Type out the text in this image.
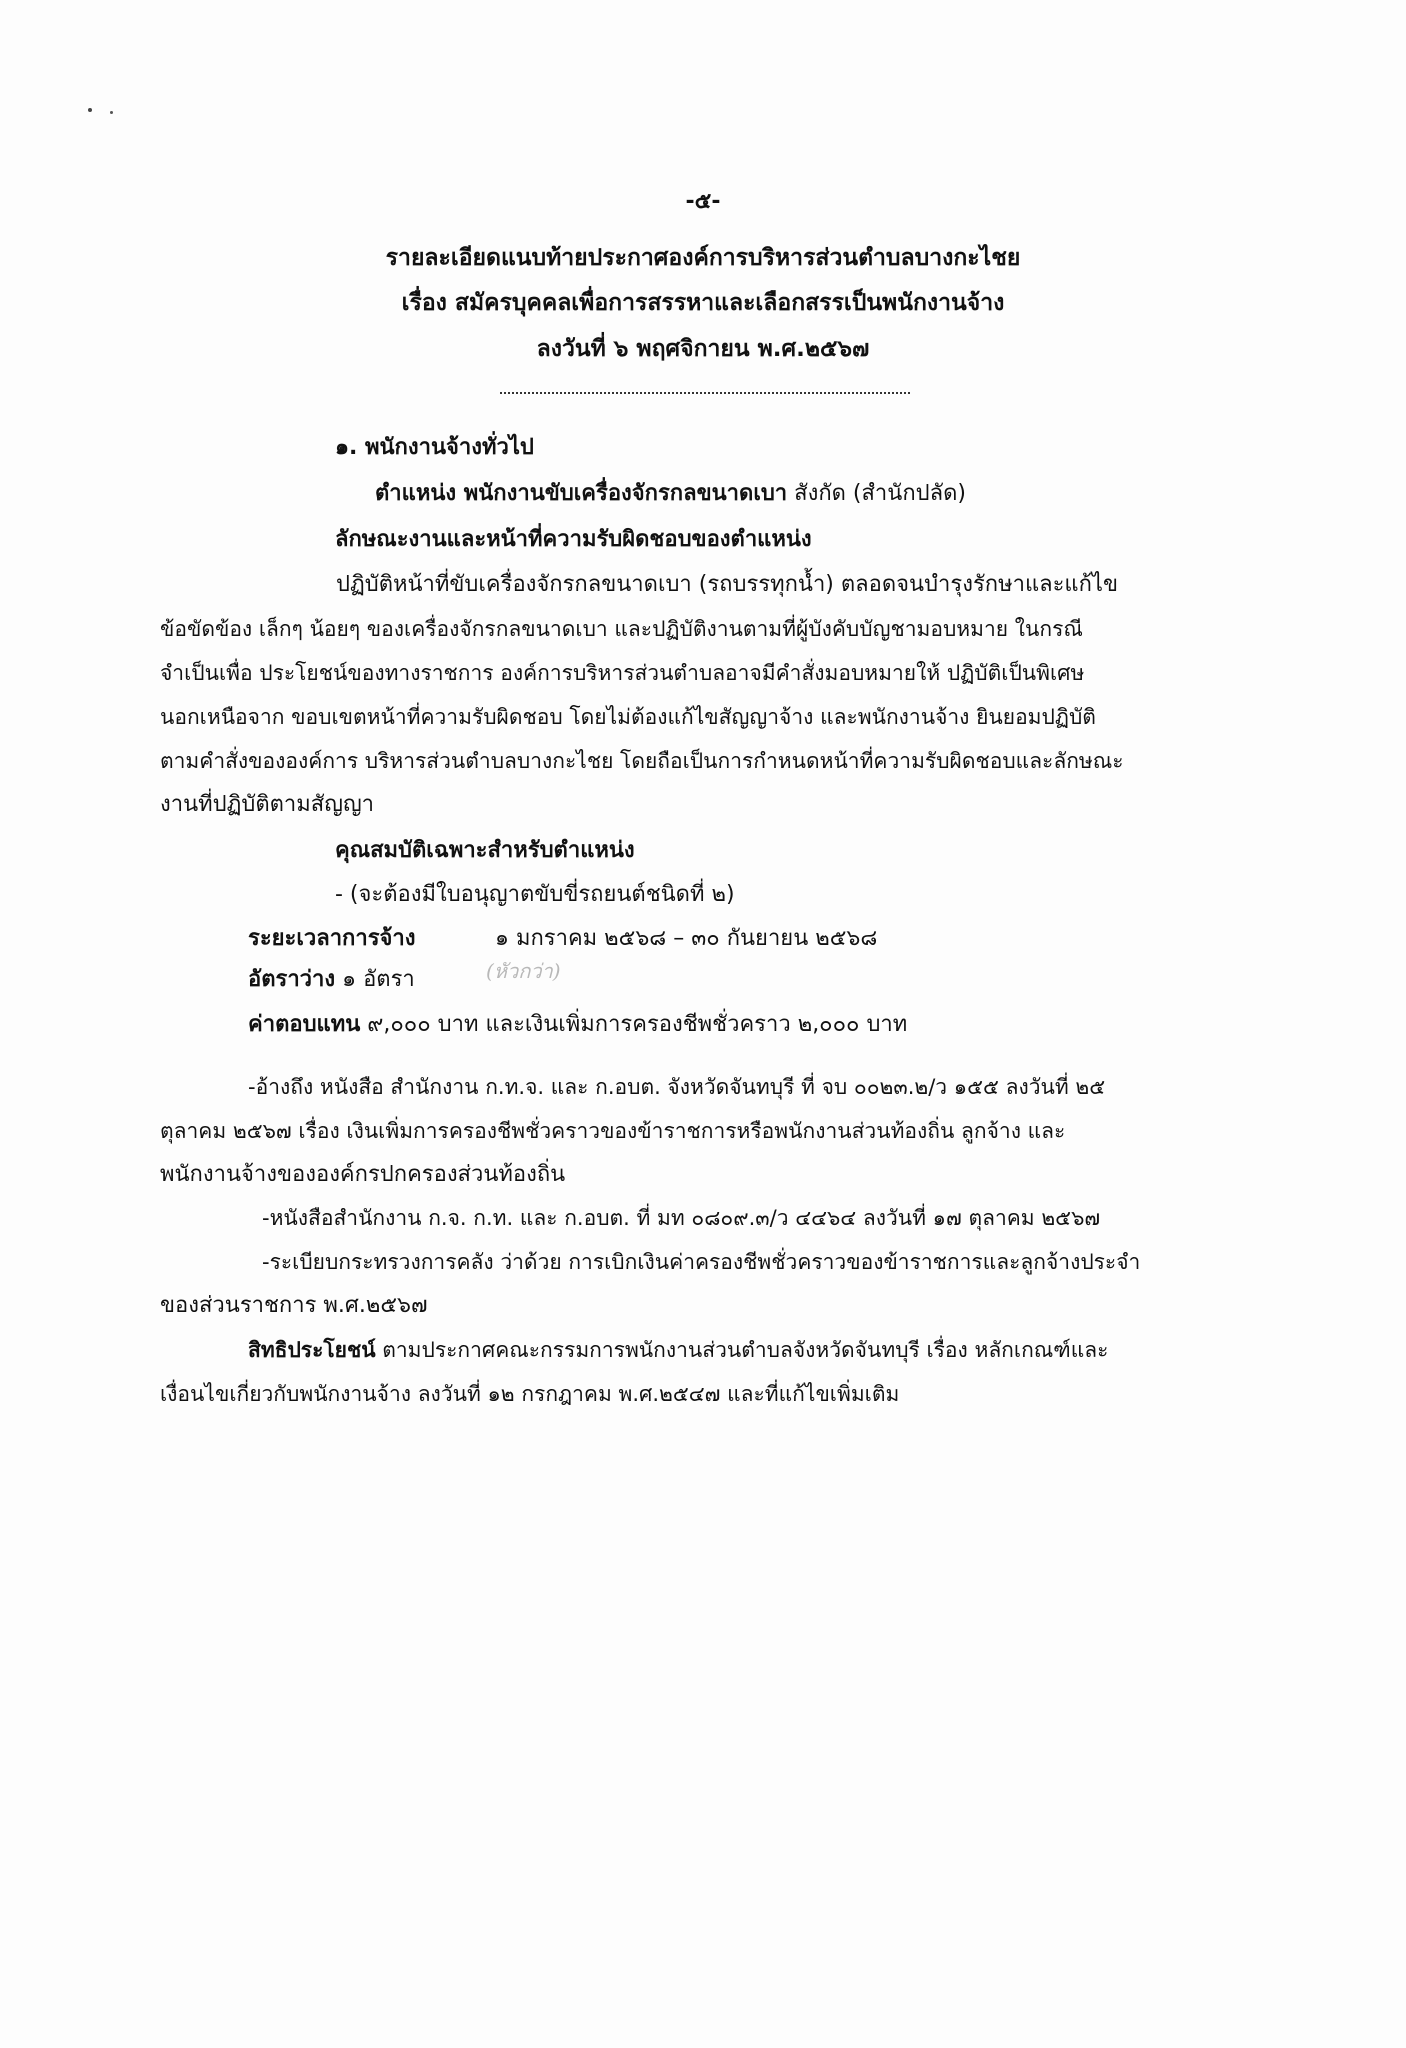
-๕-
รายละเอียดแนบท้ายประกาศองค์การบริหารส่วนตำบลบางกะไชย
เรื่อง สมัครบุคคลเพื่อการสรรหาและเลือกสรรเป็นพนักงานจ้าง
ลงวันที่ ๖ พฤศจิกายน พ.ศ.๒๕๖๗
๑. พนักงานจ้างทั่วไป
ตำแหน่ง พนักงานขับเครื่องจักรกลขนาดเบา สังกัด (สำนักปลัด)
ลักษณะงานและหน้าที่ความรับผิดชอบของตำแหน่ง
ปฏิบัติหน้าที่ขับเครื่องจักรกลขนาดเบา (รถบรรทุกน้ำ) ตลอดจนบำรุงรักษาและแก้ไข
ข้อขัดข้อง เล็กๆ น้อยๆ ของเครื่องจักรกลขนาดเบา และปฏิบัติงานตามที่ผู้บังคับบัญชามอบหมาย ในกรณี
จำเป็นเพื่อ ประโยชน์ของทางราชการ องค์การบริหารส่วนตำบลอาจมีคำสั่งมอบหมายให้ ปฏิบัติเป็นพิเศษ
นอกเหนือจาก ขอบเขตหน้าที่ความรับผิดชอบ โดยไม่ต้องแก้ไขสัญญาจ้าง และพนักงานจ้าง ยินยอมปฏิบัติ
ตามคำสั่งขององค์การ บริหารส่วนตำบลบางกะไชย โดยถือเป็นการกำหนดหน้าที่ความรับผิดชอบและลักษณะ
งานที่ปฏิบัติตามสัญญา
คุณสมบัติเฉพาะสำหรับตำแหน่ง
- (จะต้องมีใบอนุญาตขับขี่รถยนต์ชนิดที่ ๒)
ระยะเวลาการจ้าง	๑ มกราคม ๒๕๖๘ – ๓๐ กันยายน ๒๕๖๘
อัตราว่าง ๑ อัตรา	(หัวกว่า)
ค่าตอบแทน ๙,๐๐๐ บาท และเงินเพิ่มการครองชีพชั่วคราว ๒,๐๐๐ บาท
-อ้างถึง หนังสือ สำนักงาน ก.ท.จ. และ ก.อบต. จังหวัดจันทบุรี ที่ จบ ๐๐๒๓.๒/ว ๑๕๕ ลงวันที่ ๒๕
ตุลาคม ๒๕๖๗ เรื่อง เงินเพิ่มการครองชีพชั่วคราวของข้าราชการหรือพนักงานส่วนท้องถิ่น ลูกจ้าง และ
พนักงานจ้างขององค์กรปกครองส่วนท้องถิ่น
-หนังสือสำนักงาน ก.จ. ก.ท. และ ก.อบต. ที่ มท ๐๘๐๙.๓/ว ๔๔๖๔ ลงวันที่ ๑๗ ตุลาคม ๒๕๖๗
-ระเบียบกระทรวงการคลัง ว่าด้วย การเบิกเงินค่าครองชีพชั่วคราวของข้าราชการและลูกจ้างประจำ
ของส่วนราชการ พ.ศ.๒๕๖๗
สิทธิประโยชน์ ตามประกาศคณะกรรมการพนักงานส่วนตำบลจังหวัดจันทบุรี เรื่อง หลักเกณฑ์และ
เงื่อนไขเกี่ยวกับพนักงานจ้าง ลงวันที่ ๑๒ กรกฎาคม พ.ศ.๒๕๔๗ และที่แก้ไขเพิ่มเติม
